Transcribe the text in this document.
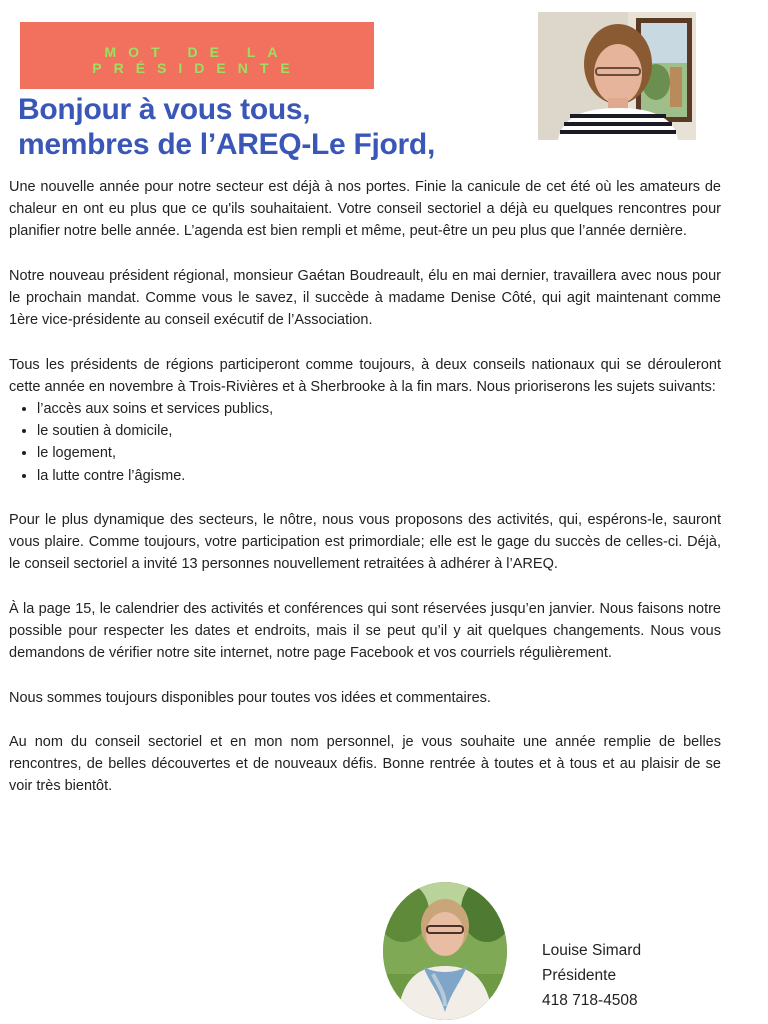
MOT DE LA PRÉSIDENTE
Bonjour à vous tous,
membres de l’AREQ-Le Fjord,

Une nouvelle année pour notre secteur est déjà à nos portes. Finie la canicule de cet été où les amateurs de chaleur en ont eu plus que ce qu'ils souhaitaient. Votre conseil sectoriel a déjà eu quelques rencontres pour planifier notre belle année. L’agenda est bien rempli et même, peut-être un peu plus que l’année dernière.

Notre nouveau président régional, monsieur Gaétan Boudreault, élu en mai dernier, travaillera avec nous pour le prochain mandat. Comme vous le savez, il succède à madame Denise Côté, qui agit maintenant comme 1ère vice-présidente au conseil exécutif de l’Association.

Tous les présidents de régions participeront comme toujours, à deux conseils nationaux qui se dérouleront cette année en novembre à Trois-Rivières et à Sherbrooke à la fin mars. Nous prioriserons les sujets suivants:

• l’accès aux soins et services publics,
• le soutien à domicile,
• le logement,
• la lutte contre l’âgisme.

Pour le plus dynamique des secteurs, le nôtre, nous vous proposons des activités, qui, espérons-le, sauront vous plaire. Comme toujours, votre participation est primordiale; elle est le gage du succès de celles-ci. Déjà, le conseil sectoriel a invité 13 personnes nouvellement retraitées à adhérer à l’AREQ.

À la page 15, le calendrier des activités et conférences qui sont réservées jusqu’en janvier. Nous faisons notre possible pour respecter les dates et endroits, mais il se peut qu’il y ait quelques changements. Nous vous demandons de vérifier notre site internet, notre page Facebook et vos courriels régulièrement.

Nous sommes toujours disponibles pour toutes vos idées et commentaires.

Au nom du conseil sectoriel et en mon nom personnel, je vous souhaite une année remplie de belles rencontres, de belles découvertes et de nouveaux défis. Bonne rentrée à toutes et à tous et au plaisir de se voir très bientôt.

Louise Simard
Présidente
418 718-4508
